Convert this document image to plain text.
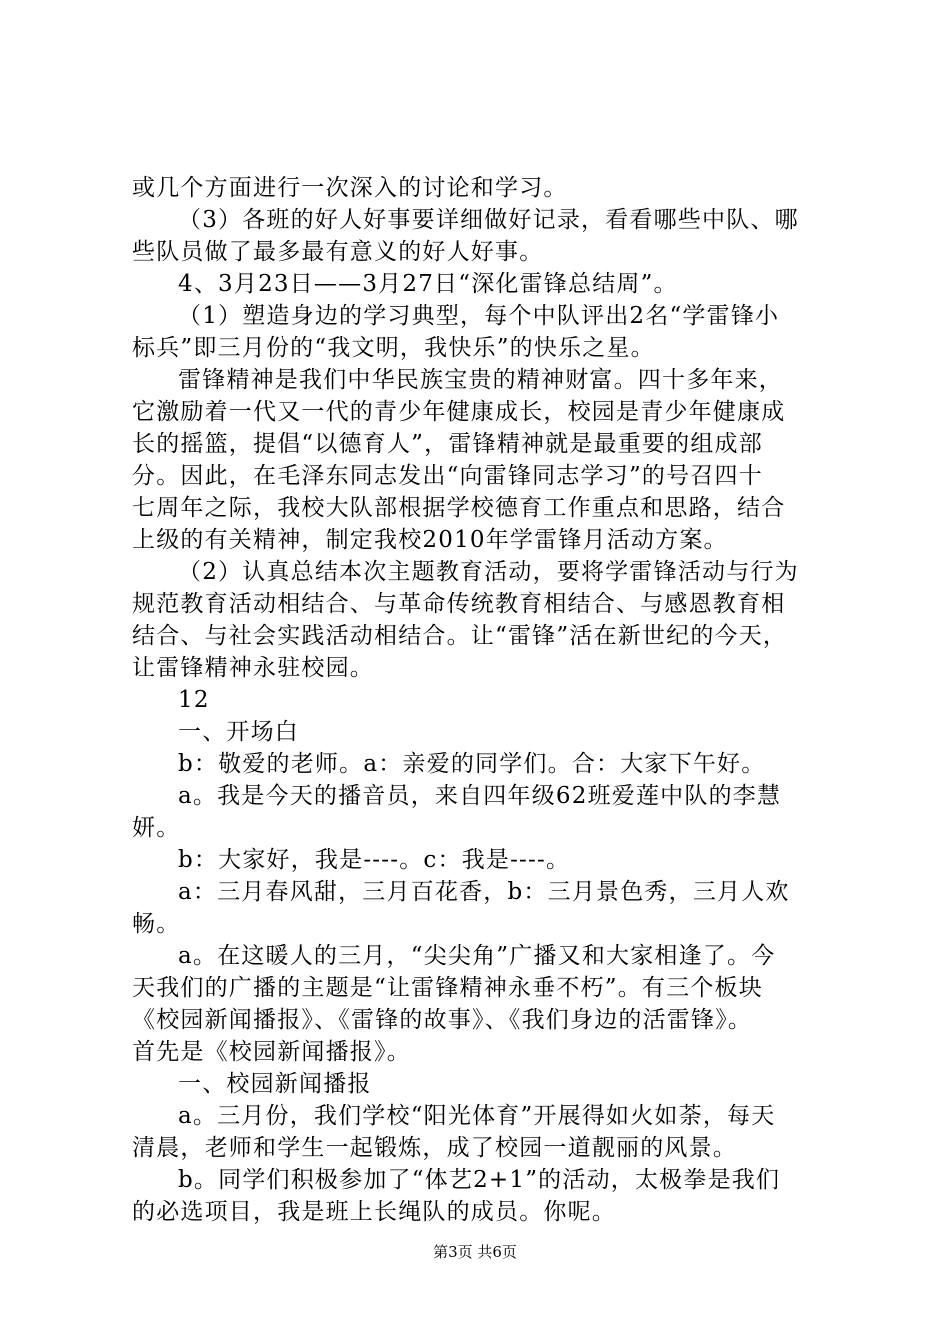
或几个方面进行一次深入的讨论和学习。
（3）各班的好人好事要详细做好记录，看看哪些中队、哪
些队员做了最多最有意义的好人好事。
4、3月23日——3月27日“深化雷锋总结周”。
（1）塑造身边的学习典型，每个中队评出2名“学雷锋小
标兵”即三月份的“我文明，我快乐”的快乐之星。
雷锋精神是我们中华民族宝贵的精神财富。四十多年来，
它激励着一代又一代的青少年健康成长，校园是青少年健康成
长的摇篮，提倡“以德育人”，雷锋精神就是最重要的组成部
分。因此，在毛泽东同志发出“向雷锋同志学习”的号召四十
七周年之际，我校大队部根据学校德育工作重点和思路，结合
上级的有关精神，制定我校2010年学雷锋月活动方案。
（2）认真总结本次主题教育活动，要将学雷锋活动与行为
规范教育活动相结合、与革命传统教育相结合、与感恩教育相
结合、与社会实践活动相结合。让“雷锋”活在新世纪的今天，
让雷锋精神永驻校园。
12
一、开场白
b：敬爱的老师。a：亲爱的同学们。合：大家下午好。
a。我是今天的播音员，来自四年级62班爱莲中队的李慧
妍。
b：大家好，我是----。c：我是----。
a：三月春风甜，三月百花香，b：三月景色秀，三月人欢
畅。
a。在这暖人的三月，“尖尖角”广播又和大家相逢了。今
天我们的广播的主题是“让雷锋精神永垂不朽”。有三个板块
《校园新闻播报》、《雷锋的故事》、《我们身边的活雷锋》。
首先是《校园新闻播报》。
一、校园新闻播报
a。三月份，我们学校“阳光体育”开展得如火如荼，每天
清晨，老师和学生一起锻炼，成了校园一道靓丽的风景。
b。同学们积极参加了“体艺2+1”的活动，太极拳是我们
的必选项目，我是班上长绳队的成员。你呢。
第3页 共6页
